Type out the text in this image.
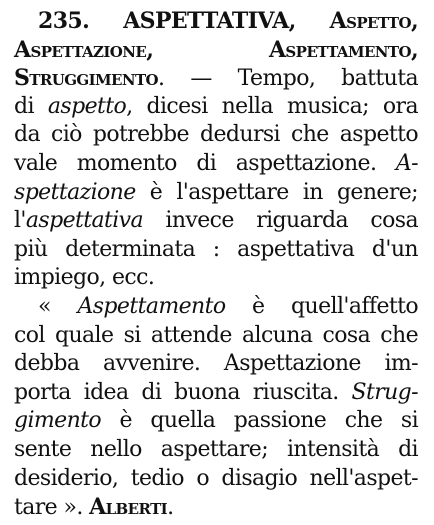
235. ASPETTATIVA, Aspetto,
Aspettazione, Aspettamento,
Struggimento. — Tempo, battuta
di aspetto, dicesi nella musica; ora
da ciò potrebbe dedursi che aspetto
vale momento di aspettazione. A-
spettazione è l'aspettare in genere;
l'aspettativa invece riguarda cosa
più determinata : aspettativa d'un
impiego, ecc.
« Aspettamento è quell'affetto
col quale si attende alcuna cosa che
debba avvenire. Aspettazione im-
porta idea di buona riuscita. Strug-
gimento è quella passione che si
sente nello aspettare; intensità di
desiderio, tedio o disagio nell'aspet-
tare ». Alberti.
